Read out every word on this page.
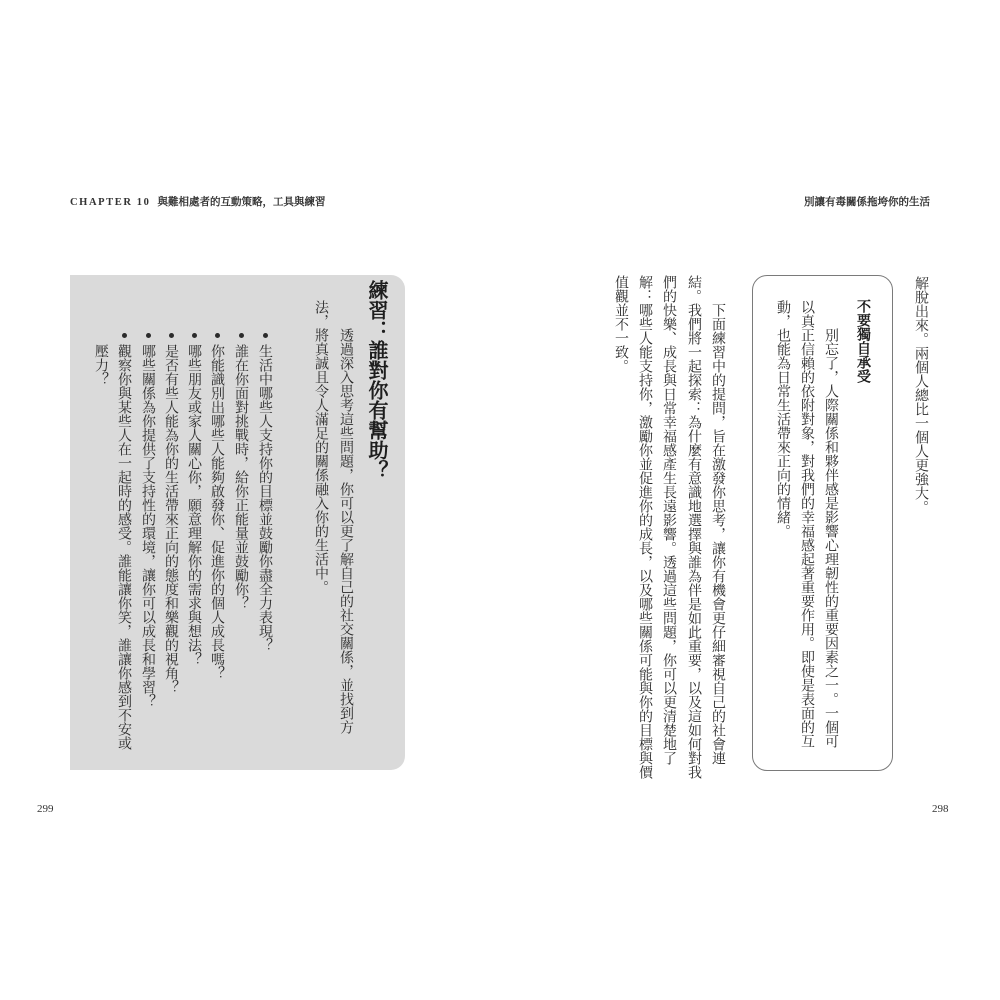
CHAPTER 10 與難相處者的互動策略，工具與練習
練習：誰對你有幫助？
透過深入思考這些問題，你可以更了解自己的社交關係，並找到方
法，將真誠且令人滿足的關係融入你的生活中。
生活中哪些人支持你的目標並鼓勵你盡全力表現？
誰在你面對挑戰時，給你正能量並鼓勵你？
你能識別出哪些人能夠啟發你、促進你的個人成長嗎？
哪些朋友或家人關心你，願意理解你的需求與想法？
是否有些人能為你的生活帶來正向的態度和樂觀的視角？
哪些關係為你提供了支持性的環境，讓你可以成長和學習？
觀察你與某些人在一起時的感受。誰能讓你笑，誰讓你感到不安或
壓力？
299
別讓有毒關係拖垮你的生活
解脫出來。兩個人總比一個人更強大。
不要獨自承受
別忘了，人際關係和夥伴感是影響心理韌性的重要因素之一。一個可
以真正信賴的依附對象，對我們的幸福感起著重要作用。即使是表面的互
動，也能為日常生活帶來正向的情緒。
下面練習中的提問，旨在激發你思考，讓你有機會更仔細審視自己的社會連
結。我們將一起探索：為什麼有意識地選擇與誰為伴是如此重要，以及這如何對我
們的快樂、成長與日常幸福感產生長遠影響。透過這些問題，你可以更清楚地了
解：哪些人能支持你，激勵你並促進你的成長，以及哪些關係可能與你的目標與價
值觀並不一致。
298
